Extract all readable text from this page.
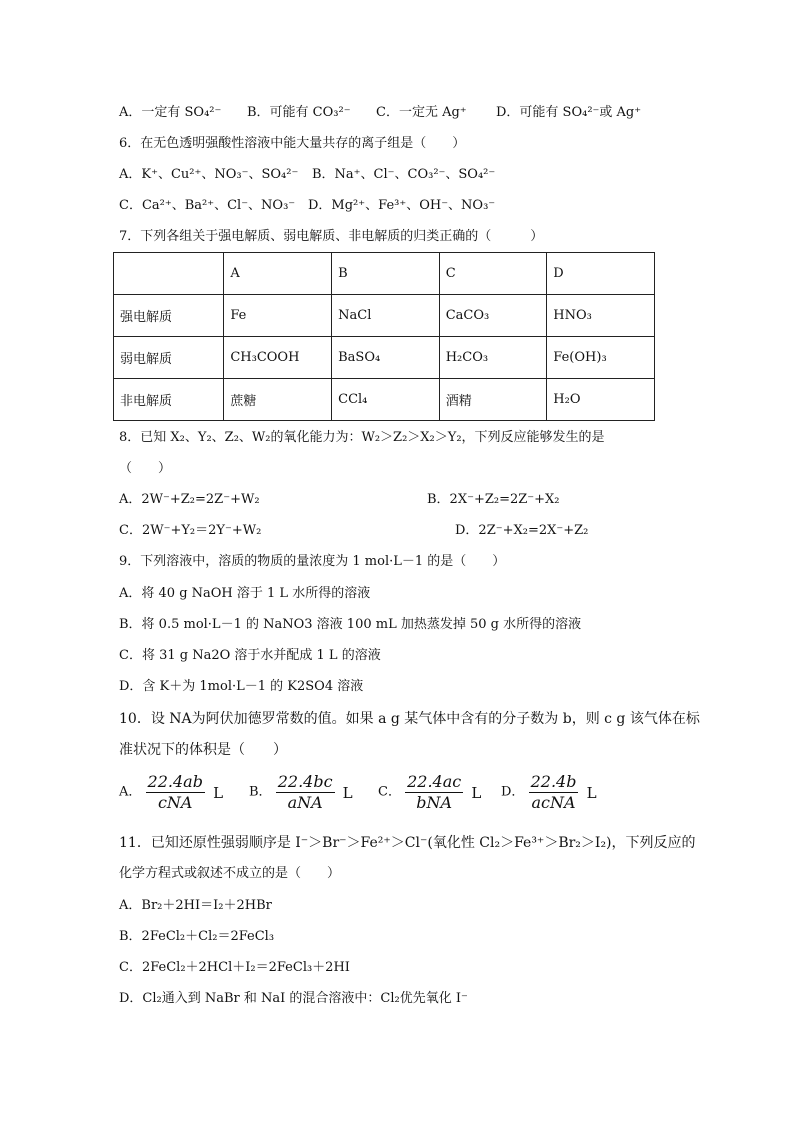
A．一定有 SO₄²⁻ B．可能有 CO₃²⁻ C．一定无 Ag⁺ D．可能有 SO₄²⁻或 Ag⁺
6．在无色透明强酸性溶液中能大量共存的离子组是（　　）
A．K⁺、Cu²⁺、NO₃⁻、SO₄²⁻ B．Na⁺、Cl⁻、CO₃²⁻、SO₄²⁻
C．Ca²⁺、Ba²⁺、Cl⁻、NO₃⁻ D．Mg²⁺、Fe³⁺、OH⁻、NO₃⁻
7．下列各组关于强电解质、弱电解质、非电解质的归类正确的（　　　）
	A	B	C	D
强电解质	Fe	NaCl	CaCO₃	HNO₃
弱电解质	CH₃COOH	BaSO₄	H₂CO₃	Fe(OH)₃
非电解质	蔗糖	CCl₄	酒精	H₂O
8．已知 X₂、Y₂、Z₂、W₂的氧化能力为：W₂＞Z₂＞X₂＞Y₂，下列反应能够发生的是
（　　）
A．2W⁻+Z₂=2Z⁻+W₂	B．2X⁻+Z₂=2Z⁻+X₂
C．2W⁻+Y₂＝2Y⁻+W₂	D．2Z⁻+X₂=2X⁻+Z₂
9．下列溶液中，溶质的物质的量浓度为 1 mol·L－1 的是（　　）
A．将 40 g NaOH 溶于 1 L 水所得的溶液
B．将 0.5 mol·L－1 的 NaNO3 溶液 100 mL 加热蒸发掉 50 g 水所得的溶液
C．将 31 g Na2O 溶于水并配成 1 L 的溶液
D．含 K＋为 1mol·L－1 的 K2SO4 溶液
10．设 NA为阿伏加德罗常数的值。如果 a g 某气体中含有的分子数为 b，则 c g 该气体在标
准状况下的体积是（　　）
A． $\frac{22.4ab}{\text{cNA}}$ L B． $\frac{22.4bc}{\text{aNA}}$ L C． $\frac{22.4ac}{\text{bNA}}$ L D． $\frac{22.4b}{\text{acNA}}$ L
11．已知还原性强弱顺序是 I⁻＞Br⁻＞Fe²⁺＞Cl⁻(氧化性 Cl₂＞Fe³⁺＞Br₂＞I₂)，下列反应的
化学方程式或叙述不成立的是（　　）
A．Br₂＋2HI＝I₂＋2HBr
B．2FeCl₂＋Cl₂＝2FeCl₃
C．2FeCl₂＋2HCl＋I₂＝2FeCl₃＋2HI
D．Cl₂通入到 NaBr 和 NaI 的混合溶液中：Cl₂优先氧化 I⁻
